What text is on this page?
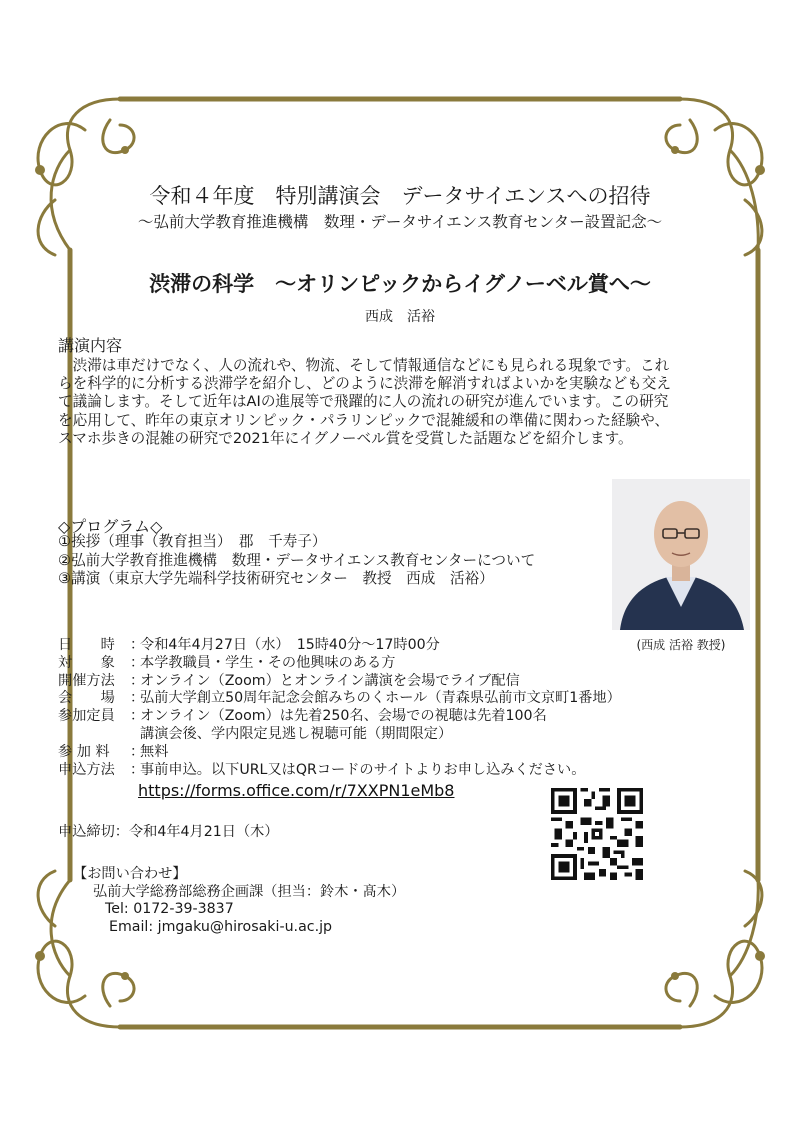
令和４年度　特別講演会　データサイエンスへの招待
～弘前大学教育推進機構　数理・データサイエンス教育センター設置記念～
渋滞の科学　～オリンピックからイグノーベル賞へ～
西成　活裕
講演内容

　渋滞は車だけでなく、人の流れや、物流、そして情報通信などにも見られる現象です。これ

らを科学的に分析する渋滞学を紹介し、どのように渋滞を解消すればよいかを実験なども交え

て議論します。そして近年はAIの進展等で飛躍的に人の流れの研究が進んでいます。この研究

を応用して、昨年の東京オリンピック・パラリンピックで混雑緩和の準備に関わった経験や、

スマホ歩きの混雑の研究で2021年にイグノーベル賞を受賞した話題などを紹介します。

◇プログラム◇
①挨拶（理事（教育担当）　郡　千寿子）
②弘前大学教育推進機構　数理・データサイエンス教育センターについて
③講演（東京大学先端科学技術研究センター　教授　西成　活裕）
(西成 活裕 教授)
日　　時	：
令和4年4月27日（水）　15時40分～17時00分
対　　象	：
本学教職員・学生・その他興味のある方
開催方法	：
オンライン（Zoom）とオンライン講演を会場でライブ配信
会　　場	：
弘前大学創立50周年記念会館みちのくホール（青森県弘前市文京町1番地）
参加定員	：
オンライン（Zoom）は先着250名、会場での視聴は先着100名
講演会後、学内限定見逃し視聴可能（期間限定）
参 加 料	：
無料
申込方法	：
事前申込。以下URL又はQRコードのサイトよりお申し込みください。
https://forms.office.com/r/7XXPN1eMb8
申込締切：令和4年4月21日（木）
【お問い合わせ】
弘前大学総務部総務企画課（担当：鈴木・髙木）
Tel: 0172-39-3837
Email: jmgaku@hirosaki-u.ac.jp
